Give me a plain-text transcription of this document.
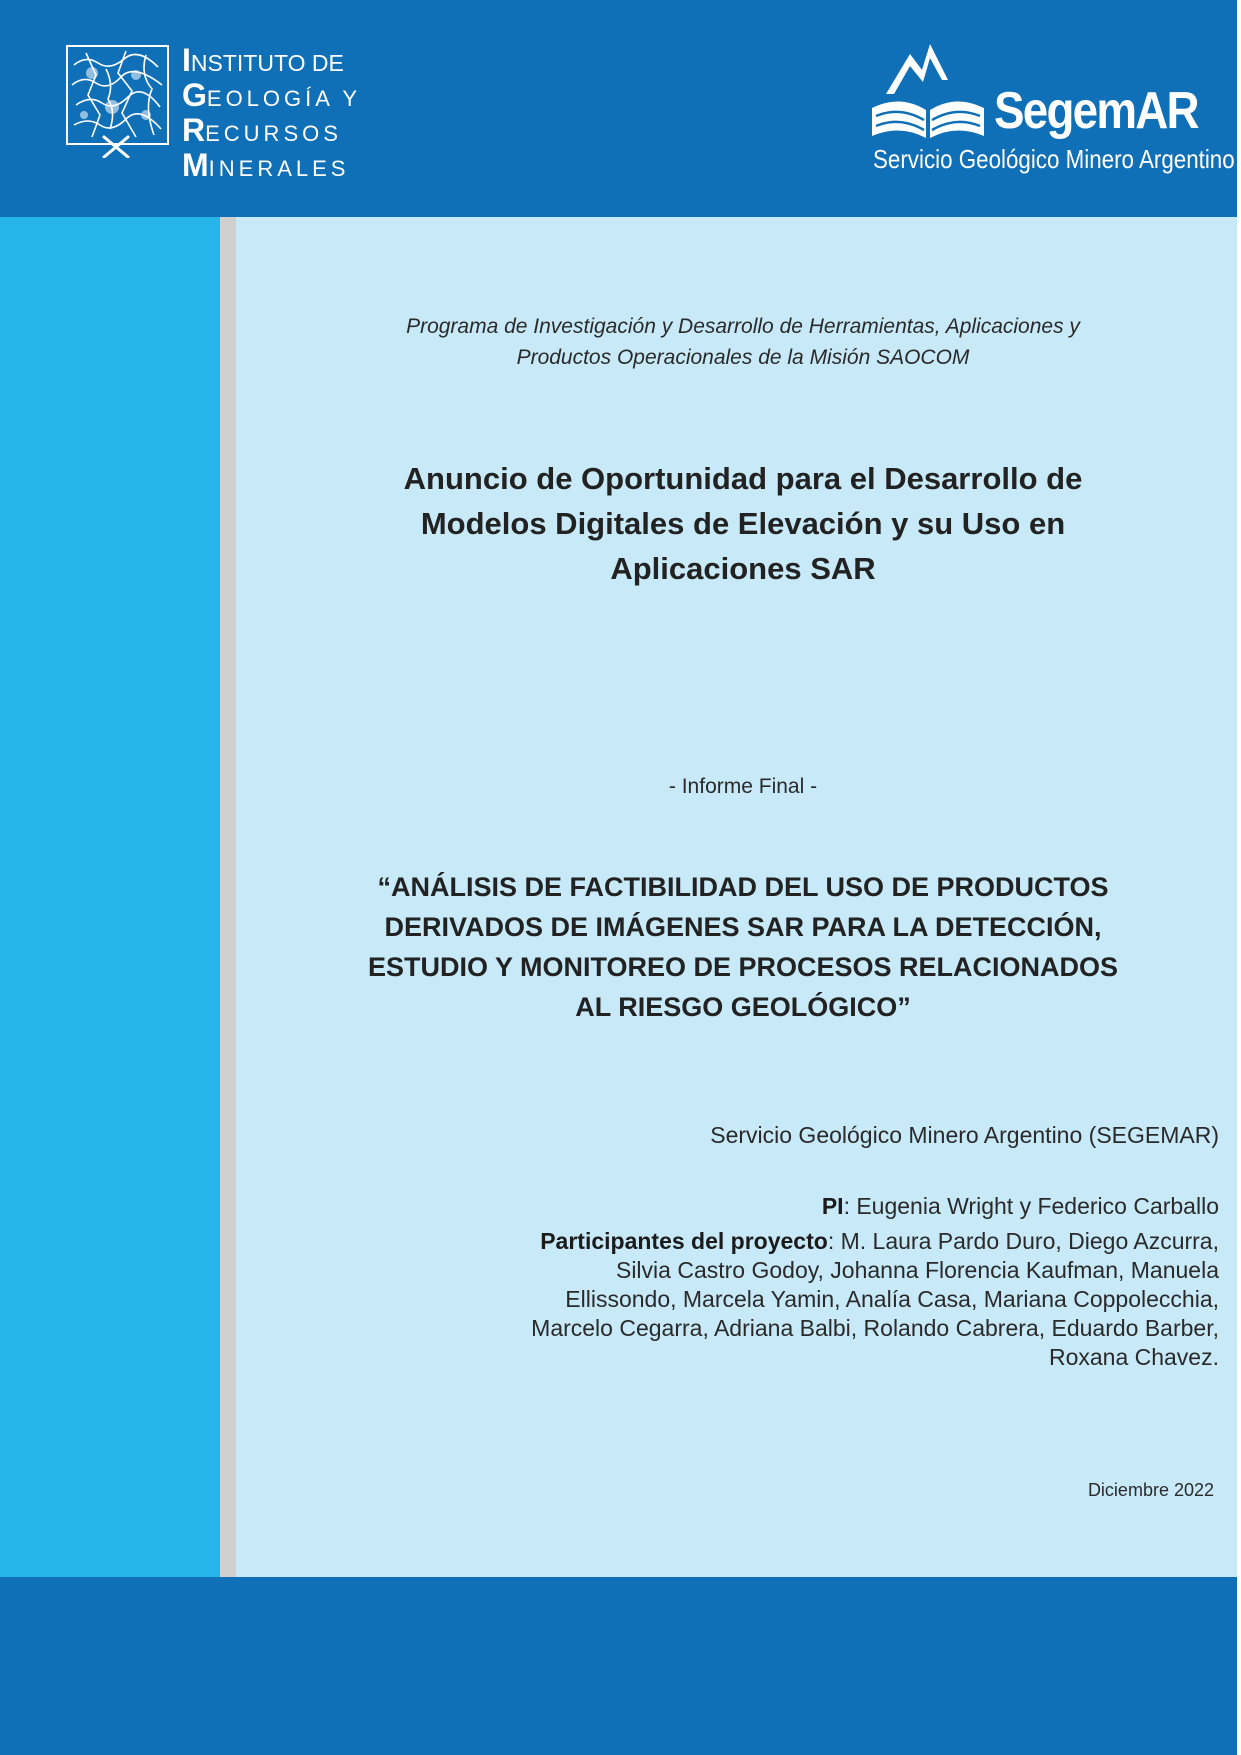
INSTITUTO DE
GEOLOGÍA Y
RECURSOS
MINERALES
SegemAR
Servicio Geológico Minero Argentino
Programa de Investigación y Desarrollo de Herramientas, Aplicaciones y
Productos Operacionales de la Misión SAOCOM
Anuncio de Oportunidad para el Desarrollo de
Modelos Digitales de Elevación y su Uso en
Aplicaciones SAR
- Informe Final -
“ANÁLISIS DE FACTIBILIDAD DEL USO DE PRODUCTOS
DERIVADOS DE IMÁGENES SAR PARA LA DETECCIÓN,
ESTUDIO Y MONITOREO DE PROCESOS RELACIONADOS
AL RIESGO GEOLÓGICO”
Servicio Geológico Minero Argentino (SEGEMAR)
PI: Eugenia Wright y Federico Carballo
Participantes del proyecto: M. Laura Pardo Duro, Diego Azcurra, Silvia Castro Godoy, Johanna Florencia Kaufman, Manuela Ellissondo, Marcela Yamin, Analía Casa, Mariana Coppolecchia, Marcelo Cegarra, Adriana Balbi, Rolando Cabrera, Eduardo Barber, Roxana Chavez.
Diciembre 2022
